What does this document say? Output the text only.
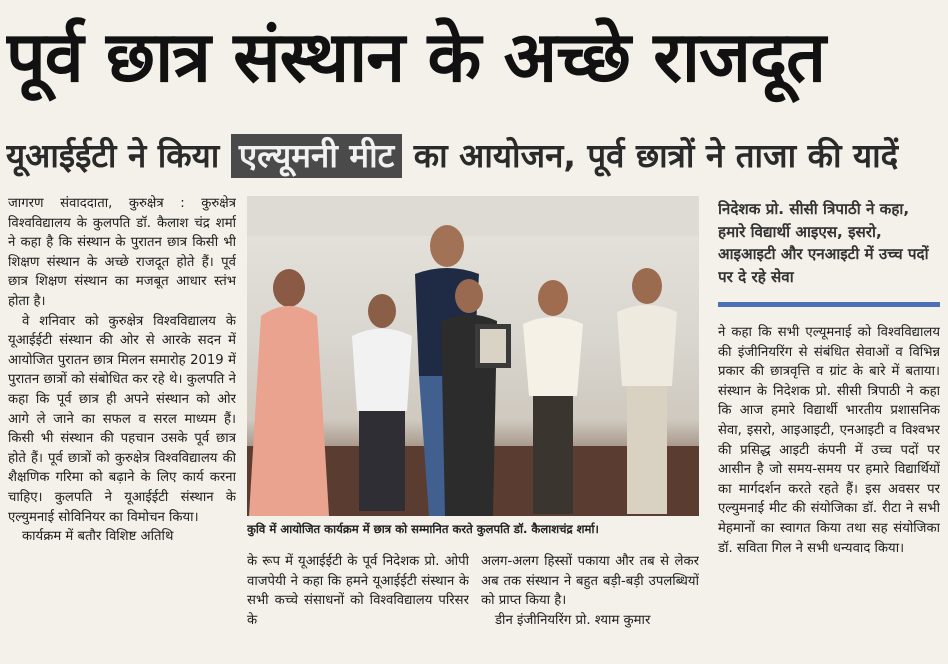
पूर्व छात्र संस्थान के अच्छे राजदूत
यूआईईटी ने किया एल्यूमनी मीट का आयोजन, पूर्व छात्रों ने ताजा की यादें

जागरण संवाददाता, कुरुक्षेत्र : कुरुक्षेत्र विश्वविद्यालय के कुलपति डॉ. कैलाश चंद्र शर्मा ने कहा है कि संस्थान के पुरातन छात्र किसी भी शिक्षण संस्थान के अच्छे राजदूत होते हैं। पूर्व छात्र शिक्षण संस्थान का मजबूत आधार स्तंभ होता है।

वे शनिवार को कुरुक्षेत्र विश्वविद्यालय के यूआईईटी संस्थान की ओर से आरके सदन में आयोजित पुरातन छात्र मिलन समारोह 2019 में पुरातन छात्रों को संबोधित कर रहे थे। कुलपति ने कहा कि पूर्व छात्र ही अपने संस्थान को ओर आगे ले जाने का सफल व सरल माध्यम हैं। किसी भी संस्थान की पहचान उसके पूर्व छात्र होते हैं। पूर्व छात्रों को कुरुक्षेत्र विश्वविद्यालय की शैक्षणिक गरिमा को बढ़ाने के लिए कार्य करना चाहिए। कुलपति ने यूआईईटी संस्थान के एल्युमनाई सोविनियर का विमोचन किया।

कार्यक्रम में बतौर विशिष्ट अतिथि

कुवि में आयोजित कार्यक्रम में छात्र को सम्मानित करते कुलपति डॉ. कैलाशचंद्र शर्मा।

के रूप में यूआईईटी के पूर्व निदेशक प्रो. ओपी वाजपेयी ने कहा कि हमने यूआईईटी संस्थान के सभी कच्चे संसाधनों को विश्वविद्यालय परिसर के

अलग-अलग हिस्सों पकाया और तब से लेकर अब तक संस्थान ने बहुत बड़ी-बड़ी उपलब्धियों को प्राप्त किया है।

डीन इंजीनियरिंग प्रो. श्याम कुमार

निदेशक प्रो. सीसी त्रिपाठी ने कहा, हमारे विद्यार्थी आइएस, इसरो, आइआइटी और एनआइटी में उच्च पदों पर दे रहे सेवा

ने कहा कि सभी एल्यूमनाई को विश्वविद्यालय की इंजीनियरिंग से संबंधित सेवाओं व विभिन्न प्रकार की छात्रवृत्ति व ग्रांट के बारे में बताया। संस्थान के निदेशक प्रो. सीसी त्रिपाठी ने कहा कि आज हमारे विद्यार्थी भारतीय प्रशासनिक सेवा, इसरो, आइआइटी, एनआइटी व विश्वभर की प्रसिद्ध आइटी कंपनी में उच्च पदों पर आसीन है जो समय-समय पर हमारे विद्यार्थियों का मार्गदर्शन करते रहते हैं। इस अवसर पर एल्युमनाई मीट की संयोजिका डॉ. रीटा ने सभी मेहमानों का स्वागत किया तथा सह संयोजिका डॉ. सविता गिल ने सभी धन्यवाद किया।
